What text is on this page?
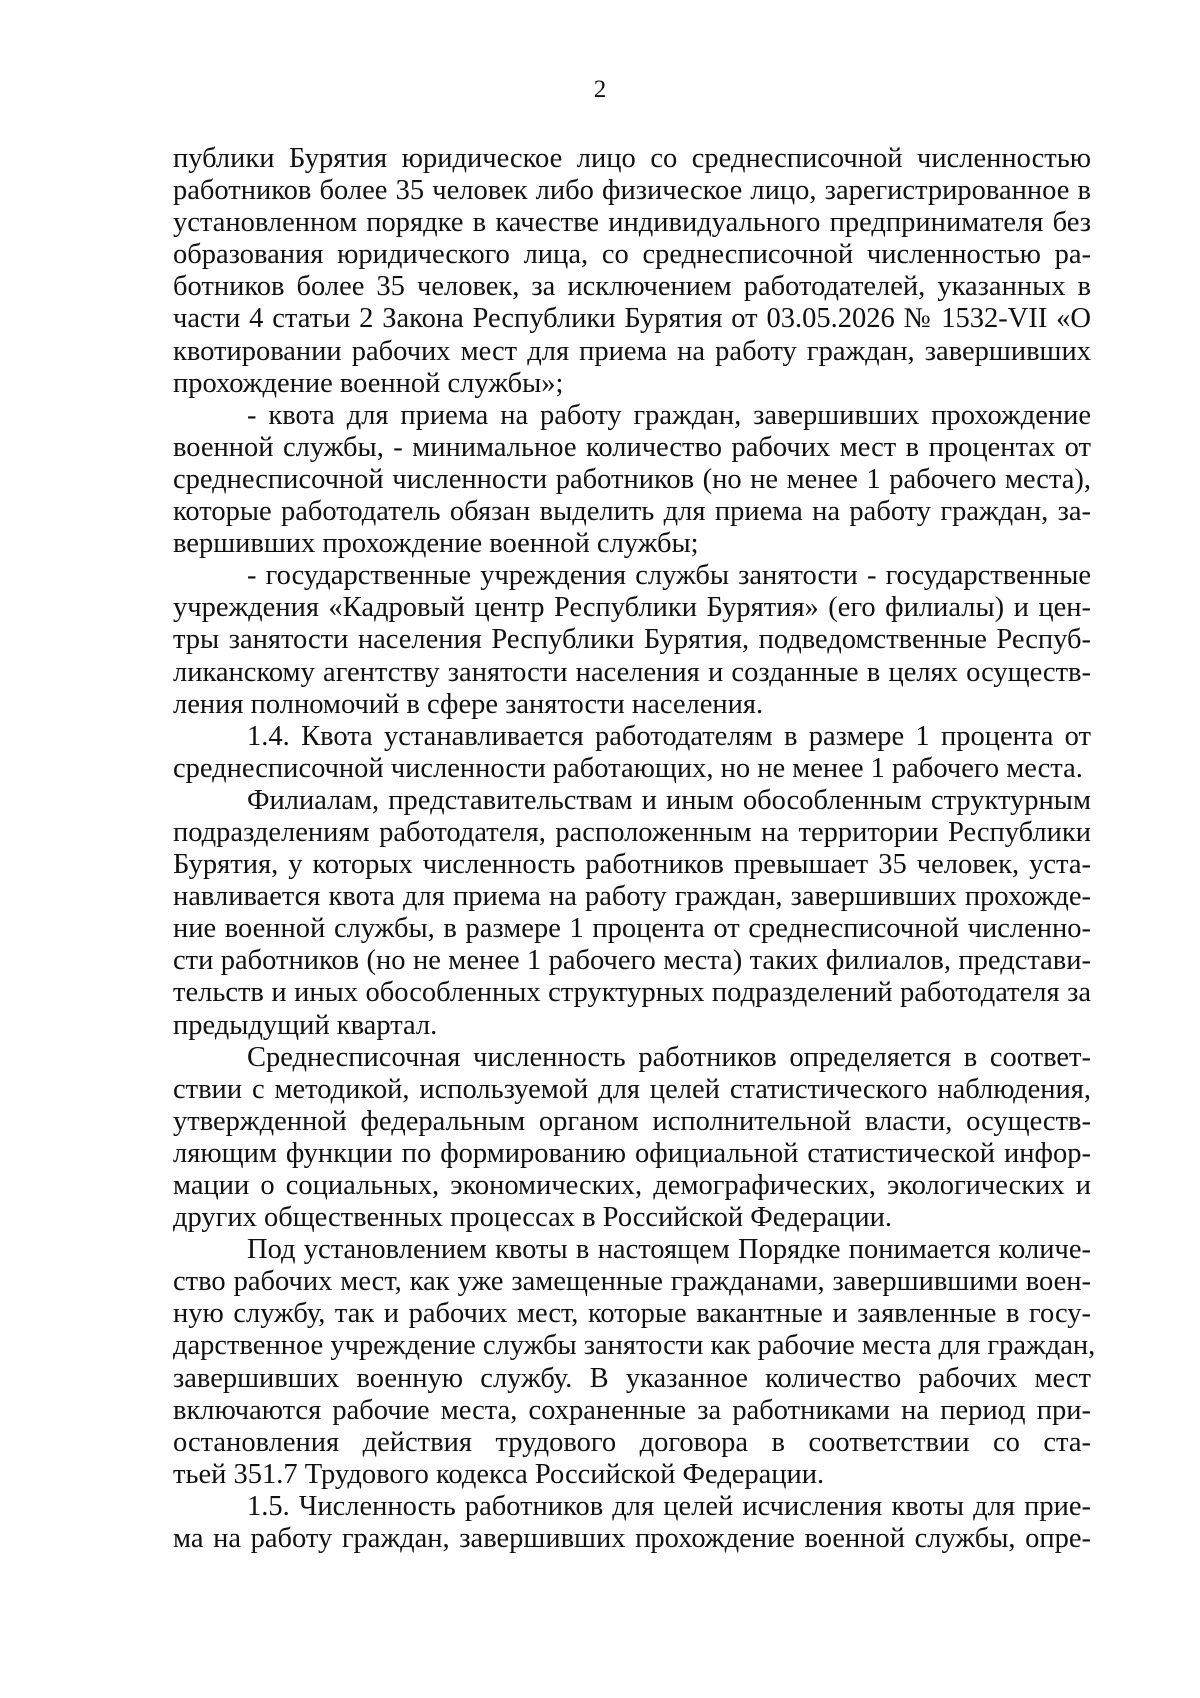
2
публики Бурятия юридическое лицо со среднесписочной численностью
работников более 35 человек либо физическое лицо, зарегистрированное в
установленном порядке в качестве индивидуального предпринимателя без
образования юридического лица, со среднесписочной численностью ра-
ботников более 35 человек, за исключением работодателей, указанных в
части 4 статьи 2 Закона Республики Бурятия от 03.05.2026 № 1532-VII «О
квотировании рабочих мест для приема на работу граждан, завершивших
прохождение военной службы»;
- квота для приема на работу граждан, завершивших прохождение
военной службы, - минимальное количество рабочих мест в процентах от
среднесписочной численности работников (но не менее 1 рабочего места),
которые работодатель обязан выделить для приема на работу граждан, за-
вершивших прохождение военной службы;
- государственные учреждения службы занятости - государственные
учреждения «Кадровый центр Республики Бурятия» (его филиалы) и цен-
тры занятости населения Республики Бурятия, подведомственные Респуб-
ликанскому агентству занятости населения и созданные в целях осуществ-
ления полномочий в сфере занятости населения.
1.4. Квота устанавливается работодателям в размере 1 процента от
среднесписочной численности работающих, но не менее 1 рабочего места.
Филиалам, представительствам и иным обособленным структурным
подразделениям работодателя, расположенным на территории Республики
Бурятия, у которых численность работников превышает 35 человек, уста-
навливается квота для приема на работу граждан, завершивших прохожде-
ние военной службы, в размере 1 процента от среднесписочной численно-
сти работников (но не менее 1 рабочего места) таких филиалов, представи-
тельств и иных обособленных структурных подразделений работодателя за
предыдущий квартал.
Среднесписочная численность работников определяется в соответ-
ствии с методикой, используемой для целей статистического наблюдения,
утвержденной федеральным органом исполнительной власти, осуществ-
ляющим функции по формированию официальной статистической инфор-
мации о социальных, экономических, демографических, экологических и
других общественных процессах в Российской Федерации.
Под установлением квоты в настоящем Порядке понимается количе-
ство рабочих мест, как уже замещенные гражданами, завершившими воен-
ную службу, так и рабочих мест, которые вакантные и заявленные в госу-
дарственное учреждение службы занятости как рабочие места для граждан,
завершивших военную службу. В указанное количество рабочих мест
включаются рабочие места, сохраненные за работниками на период при-
остановления действия трудового договора в соответствии со ста-
тьей 351.7 Трудового кодекса Российской Федерации.
1.5. Численность работников для целей исчисления квоты для прие-
ма на работу граждан, завершивших прохождение военной службы, опре-
